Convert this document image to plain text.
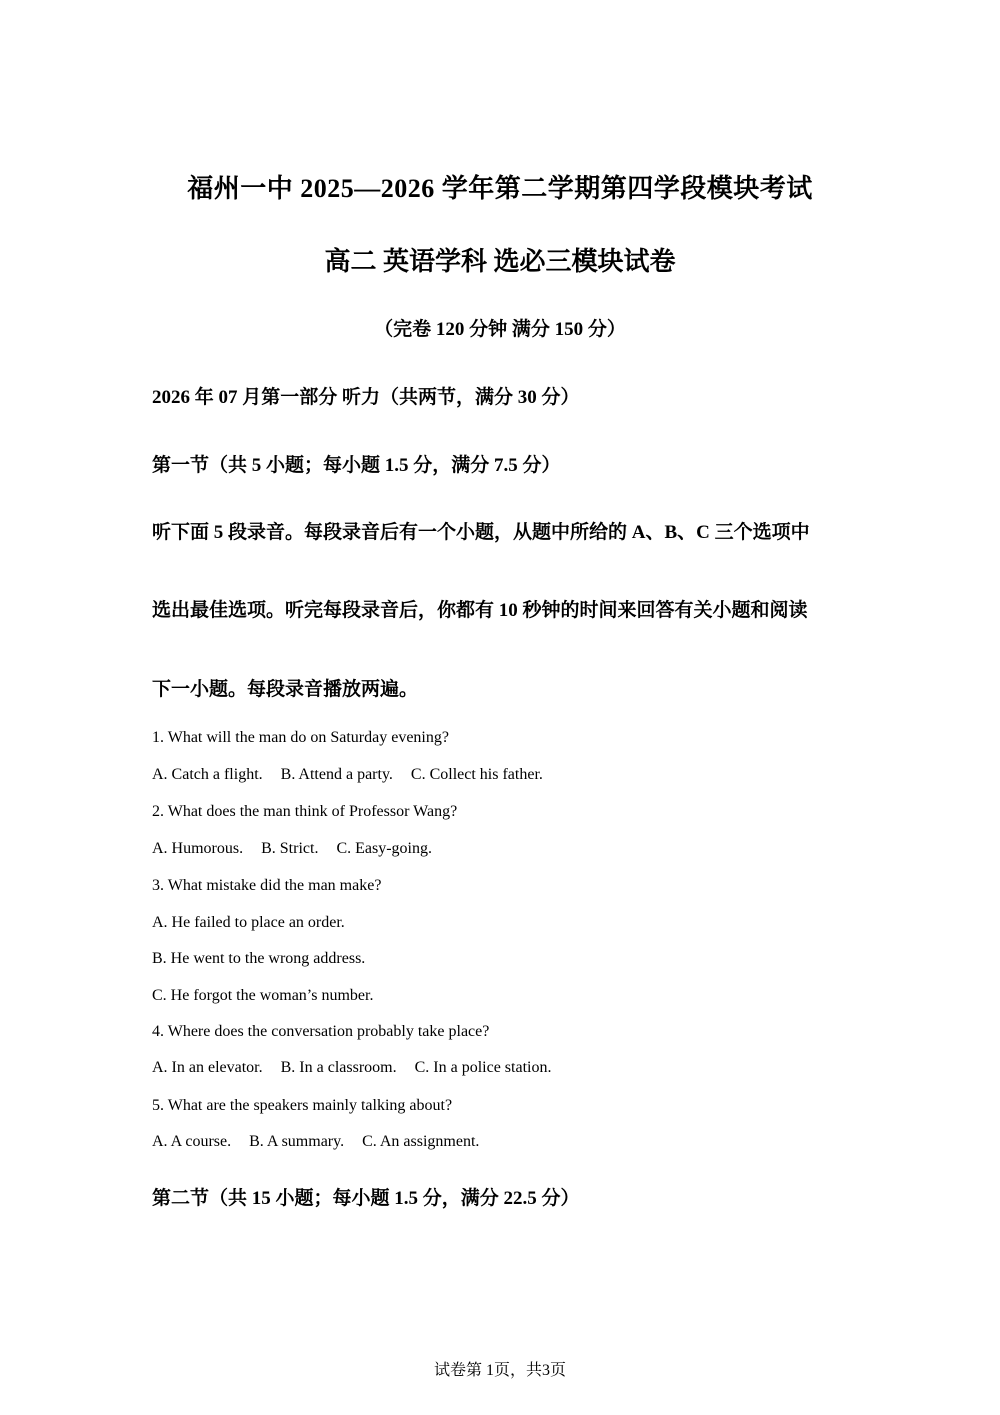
福州一中 2025—2026 学年第二学期第四学段模块考试
高二 英语学科 选必三模块试卷
（完卷 120 分钟 满分 150 分）
2026 年 07 月第一部分 听力（共两节，满分 30 分）
第一节（共 5 小题；每小题 1.5 分，满分 7.5 分）
听下面 5 段录音。每段录音后有一个小题，从题中所给的 A、B、C 三个选项中
选出最佳选项。听完每段录音后，你都有 10 秒钟的时间来回答有关小题和阅读
下一小题。每段录音播放两遍。
1. What will the man do on Saturday evening?
A. Catch a flight. B. Attend a party. C. Collect his father.
2. What does the man think of Professor Wang?
A. Humorous. B. Strict. C. Easy-going.
3. What mistake did the man make?
A. He failed to place an order.
B. He went to the wrong address.
C. He forgot the woman’s number.
4. Where does the conversation probably take place?
A. In an elevator. B. In a classroom. C. In a police station.
5. What are the speakers mainly talking about?
A. A course. B. A summary. C. An assignment.
第二节（共 15 小题；每小题 1.5 分，满分 22.5 分）
试卷第 1页，共3页
